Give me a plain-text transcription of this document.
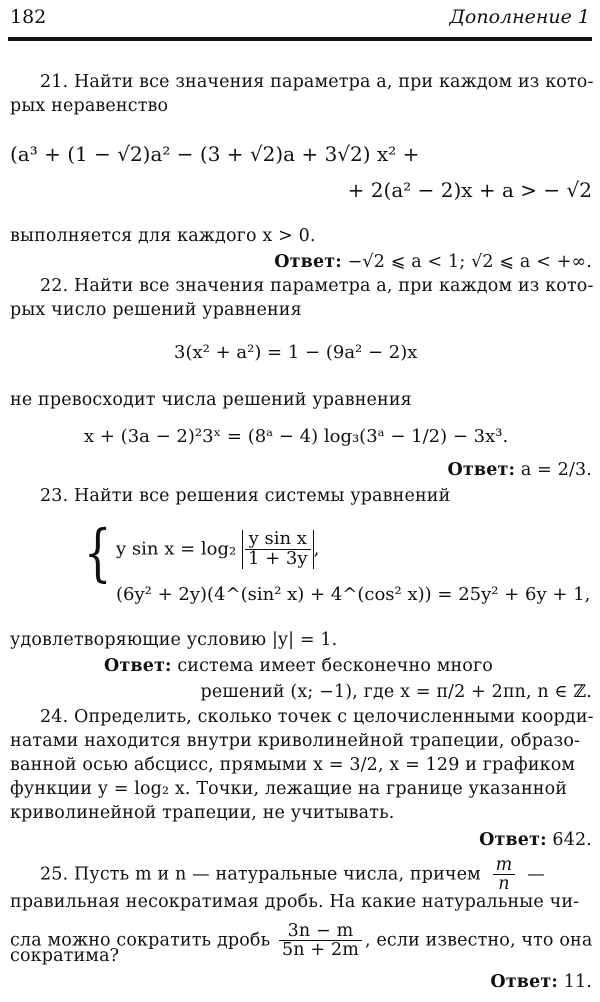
182	Дополнение 1
21. Найти все значения параметра a, при каждом из кото-
рых неравенство
(a³ + (1 − √2)a² − (3 + √2)a + 3√2) x² +
+ 2(a² − 2)x + a > − √2
выполняется для каждого x > 0.
Ответ: −√2 ⩽ a < 1; √2 ⩽ a < +∞.
22. Найти все значения параметра a, при каждом из кото-
рых число решений уравнения
3(x² + a²) = 1 − (9a² − 2)x
не превосходит числа решений уравнения
x + (3a − 2)²3ˣ = (8ᵃ − 4) log₃(3ᵃ − 1/2) − 3x³.
Ответ: a = 2/3.
23. Найти все решения системы уравнений
{ y $\sin x = \log_2 \frac{\text{y sin x}}{1 + 3y}$ ,
(6y² + 2y)(4^(sin² x) + 4^(cos² x)) = 25y² + 6y + 1,
удовлетворяющие условию |y| = 1.
Ответ: система имеет бесконечно много
решений (x; −1), где x = π/2 + 2πn, n ∈ ℤ.
24. Определить, сколько точек с целочисленными коорди-
натами находится внутри криволинейной трапеции, образо-
ванной осью абсцисс, прямыми x = 3/2, x = 129 и графиком
функции y = log₂ x. Точки, лежащие на границе указанной
криволинейной трапеции, не учитывать.
Ответ: 642.
25. Пусть m и n — натуральные числа, причем $\frac{m}{n}$ —
правильная несократимая дробь. На какие натуральные чи-
сла можно сократить дробь $\frac{3n - m}{5n + 2m}$ , если известно, что она
сократима?
Ответ: 11.
